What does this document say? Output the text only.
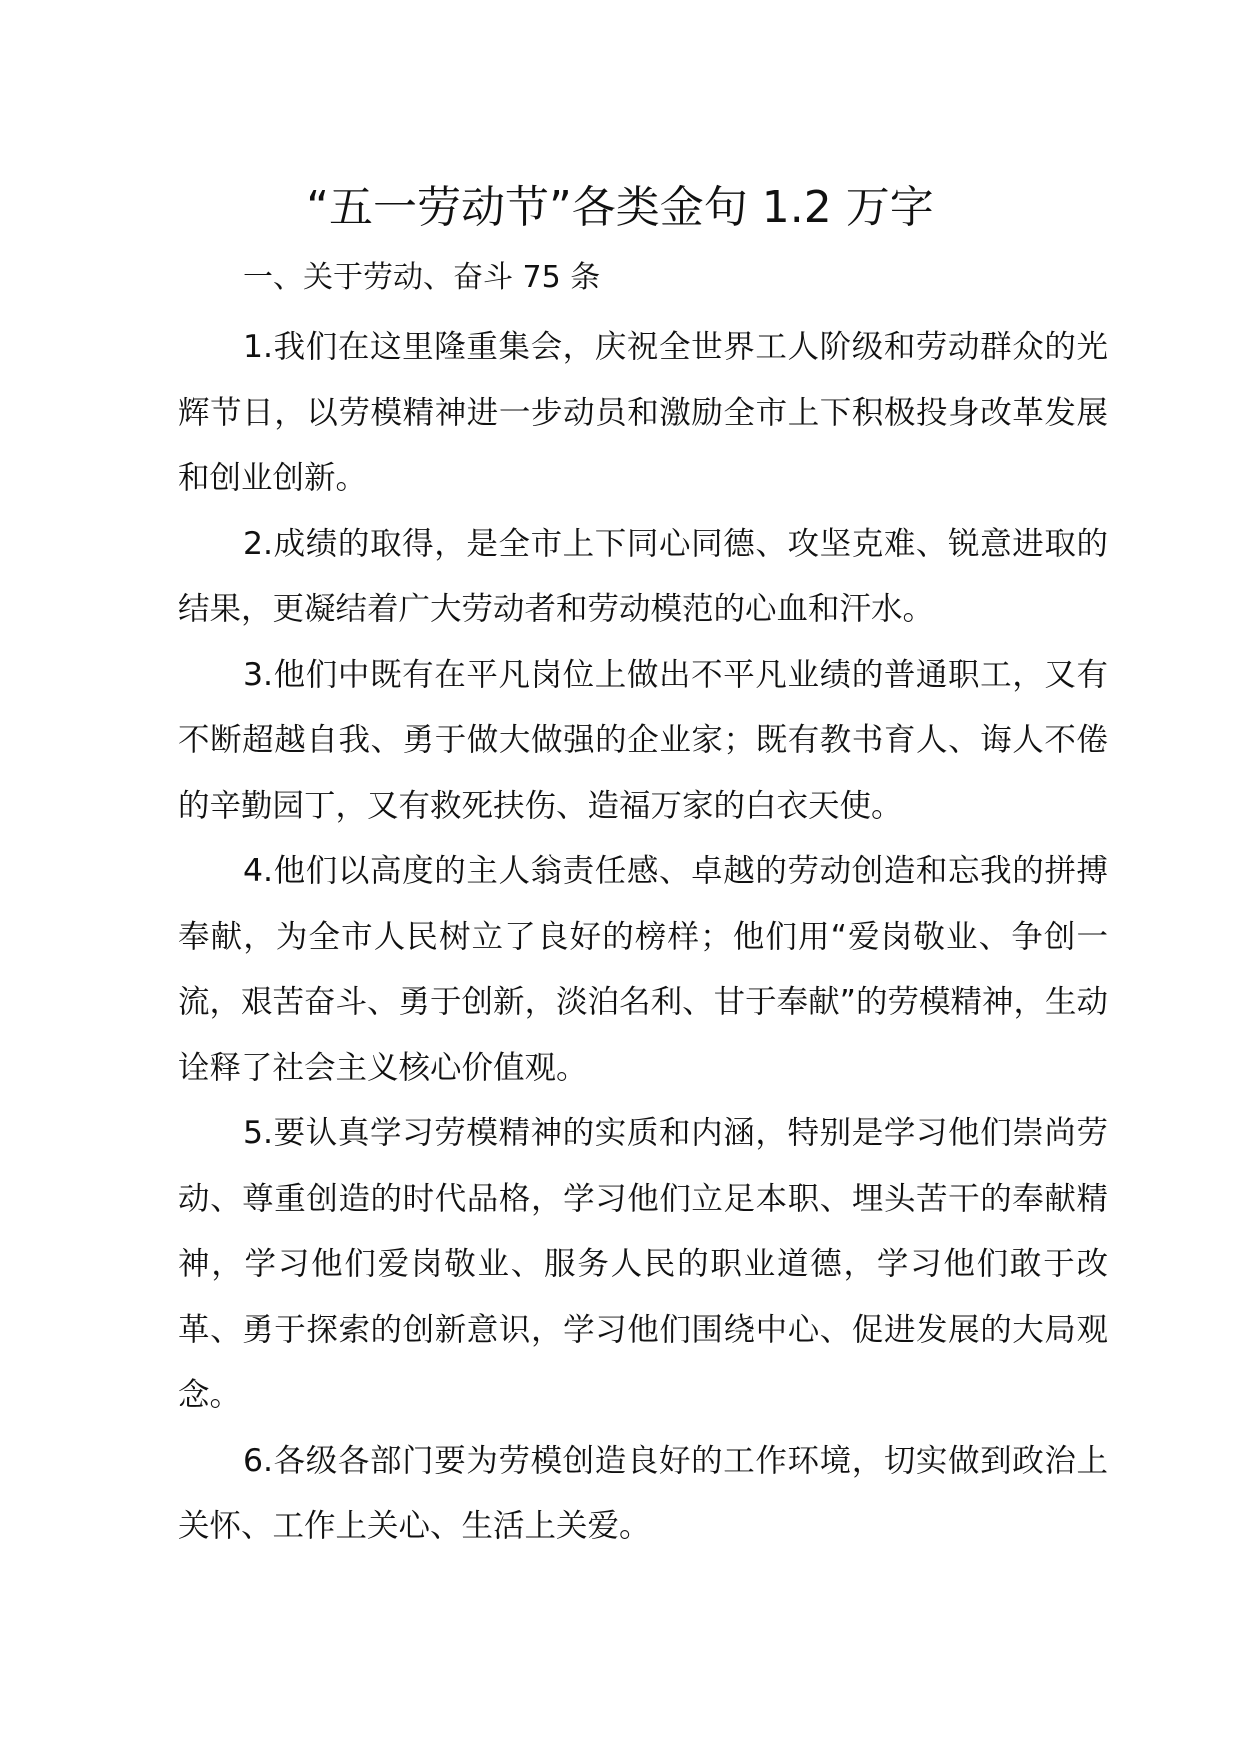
“五一劳动节”各类金句 1.2 万字
一、关于劳动、奋斗 75 条

1.我们在这里隆重集会，庆祝全世界工人阶级和劳动群众的光辉节日，以劳模精神进一步动员和激励全市上下积极投身改革发展和创业创新。

2.成绩的取得，是全市上下同心同德、攻坚克难、锐意进取的结果，更凝结着广大劳动者和劳动模范的心血和汗水。

3.他们中既有在平凡岗位上做出不平凡业绩的普通职工，又有不断超越自我、勇于做大做强的企业家；既有教书育人、诲人不倦的辛勤园丁，又有救死扶伤、造福万家的白衣天使。

4.他们以高度的主人翁责任感、卓越的劳动创造和忘我的拼搏奉献，为全市人民树立了良好的榜样；他们用“爱岗敬业、争创一流，艰苦奋斗、勇于创新，淡泊名利、甘于奉献”的劳模精神，生动诠释了社会主义核心价值观。

5.要认真学习劳模精神的实质和内涵，特别是学习他们崇尚劳动、尊重创造的时代品格，学习他们立足本职、埋头苦干的奉献精神，学习他们爱岗敬业、服务人民的职业道德，学习他们敢于改革、勇于探索的创新意识，学习他们围绕中心、促进发展的大局观念。

6.各级各部门要为劳模创造良好的工作环境，切实做到政治上关怀、工作上关心、生活上关爱。
